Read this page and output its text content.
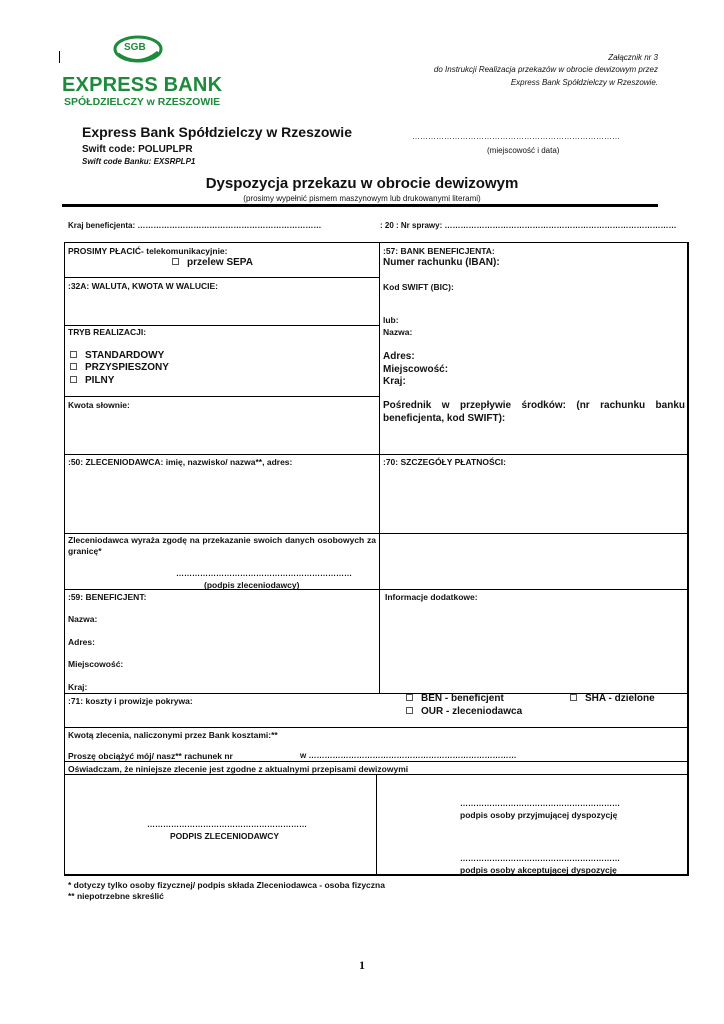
SGB
EXPRESS BANK
SPÓŁDZIELCZY w RZESZOWIE
Załącznik nr 3
do Instrukcji Realizacja przekazów w obrocie dewizowym przez
Express Bank Spółdzielczy w Rzeszowie.
Express Bank Spółdzielczy w Rzeszowie
Swift code: POLUPLPR
Swift code Banku: EXSRPLP1
……………………………………………………………………
(miejscowość i data)
Dyspozycja przekazu w obrocie dewizowym
(prosimy wypełnić pismem maszynowym lub drukowanymi literami)
Kraj beneficjenta: ……………………………………………………………	: 20 : Nr sprawy: ……………………………………………………………………………
PROSIMY PŁACIĆ- telekomunikacyjnie:
przelew SEPA
:32A: WALUTA, KWOTA W WALUCIE:
TRYB REALIZACJI:
STANDARDOWY
PRZYSPIESZONY
PILNY
Kwota słownie:
:50: ZLECENIODAWCA: imię, nazwisko/ nazwa**, adres:
Zleceniodawca wyraża zgodę na przekazanie swoich danych osobowych za granicę*
…………………………………………………………
(podpis zleceniodawcy)
:59: BENEFICJENT:
Nazwa:
Adres:
Miejscowość:
Kraj:
:57: BANK BENEFICJENTA:
Numer rachunku (IBAN):
Kod SWIFT (BIC):
lub:
Nazwa:
Adres:
Miejscowość:
Kraj:
Pośrednik w przepływie środków: (nr rachunku banku beneficjenta, kod SWIFT):
:70: SZCZEGÓŁY PŁATNOŚCI:
Informacje dodatkowe:
:71: koszty i prowizje pokrywa:	BEN - beneficjent	SHA - dzielone
OUR - zleceniodawca
Kwotą zlecenia, naliczonymi przez Bank kosztami:**
Proszę obciążyć mój/ nasz** rachunek nr	w ……………………………………………………………………
Oświadczam, że niniejsze zlecenie jest zgodne z aktualnymi przepisami dewizowymi
……………………………………………………
PODPIS ZLECENIODAWCY
……………………………………………………
podpis osoby przyjmującej dyspozycję
……………………………………………………
podpis osoby akceptującej dyspozycję
* dotyczy tylko osoby fizycznej/ podpis składa Zleceniodawca - osoba fizyczna
** niepotrzebne skreślić
1
